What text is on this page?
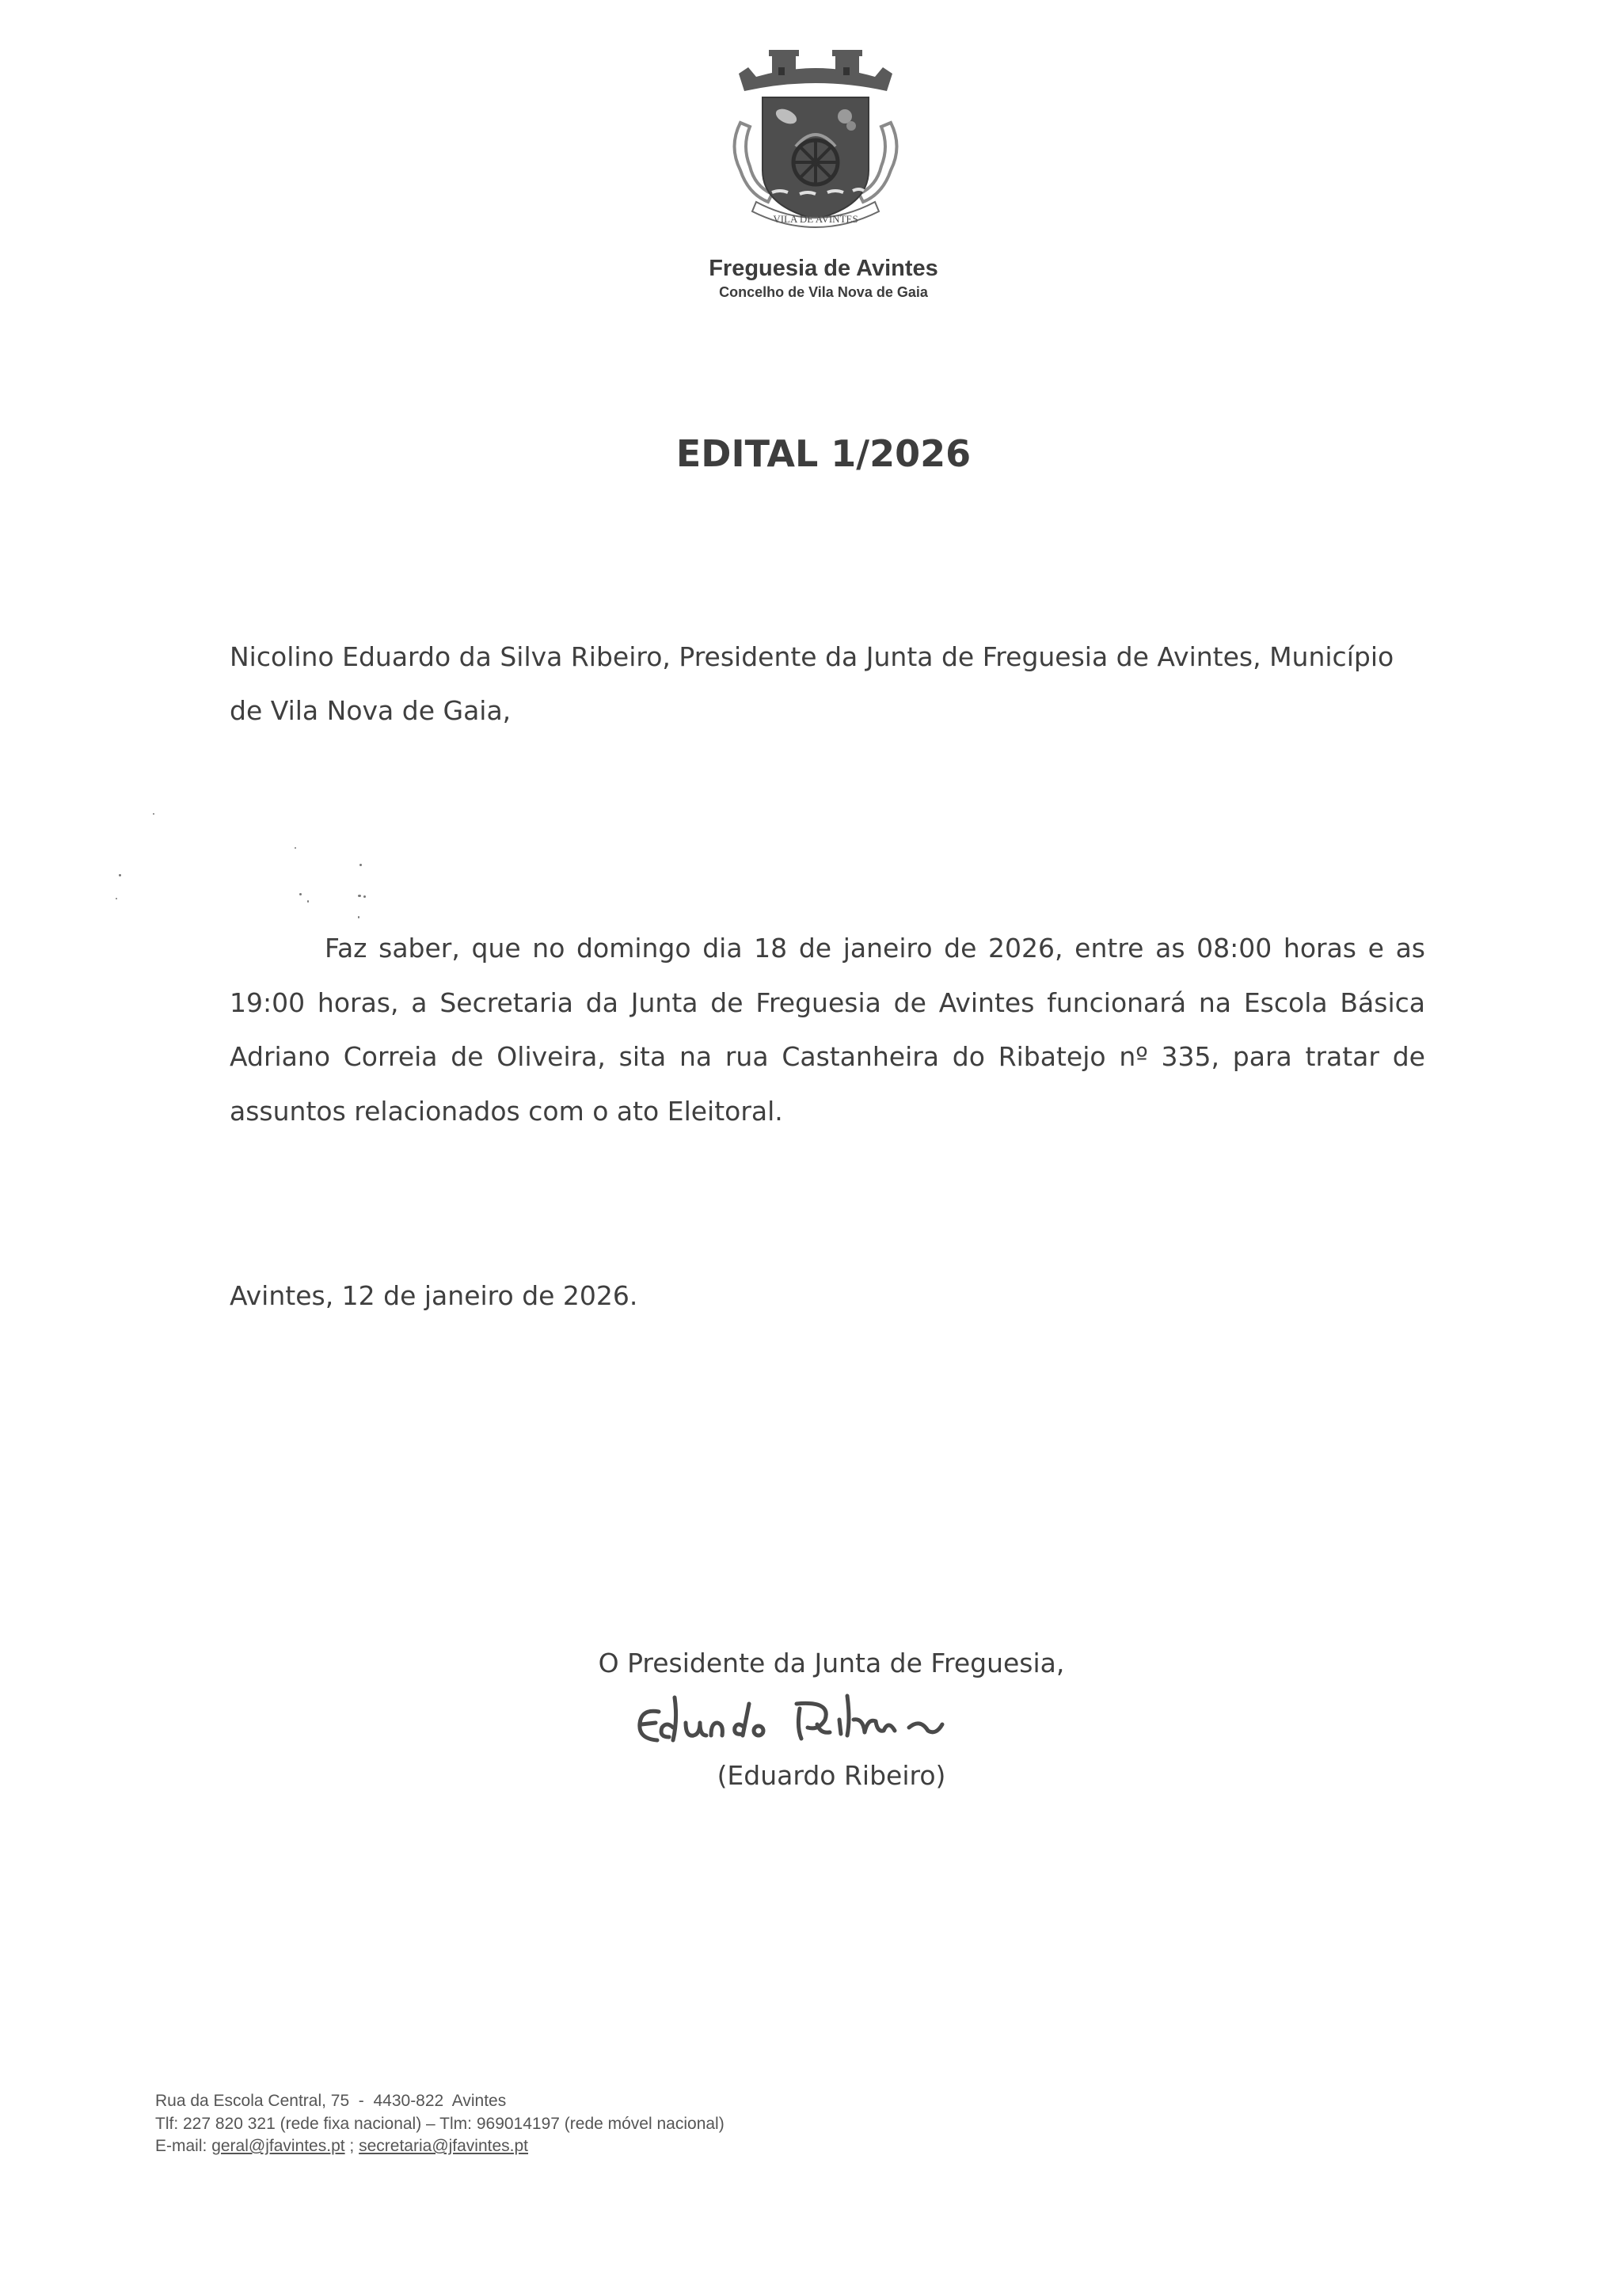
VILA DE AVINTES
Freguesia de Avintes
Concelho de Vila Nova de Gaia
EDITAL 1/2026
Nicolino Eduardo da Silva Ribeiro, Presidente da Junta de Freguesia de Avintes, Município de Vila Nova de Gaia,
Faz saber, que no domingo dia 18 de janeiro de 2026, entre as 08:00 horas e as 19:00 horas, a Secretaria da Junta de Freguesia de Avintes funcionará na Escola Básica Adriano Correia de Oliveira, sita na rua Castanheira do Ribatejo nº 335, para tratar de assuntos relacionados com o ato Eleitoral.
Avintes, 12 de janeiro de 2026.
O Presidente da Junta de Freguesia,
(Eduardo Ribeiro)
Rua da Escola Central, 75  -  4430-822  Avintes
Tlf: 227 820 321 (rede fixa nacional) – Tlm: 969014197 (rede móvel nacional)
E-mail: geral@jfavintes.pt ; secretaria@jfavintes.pt
